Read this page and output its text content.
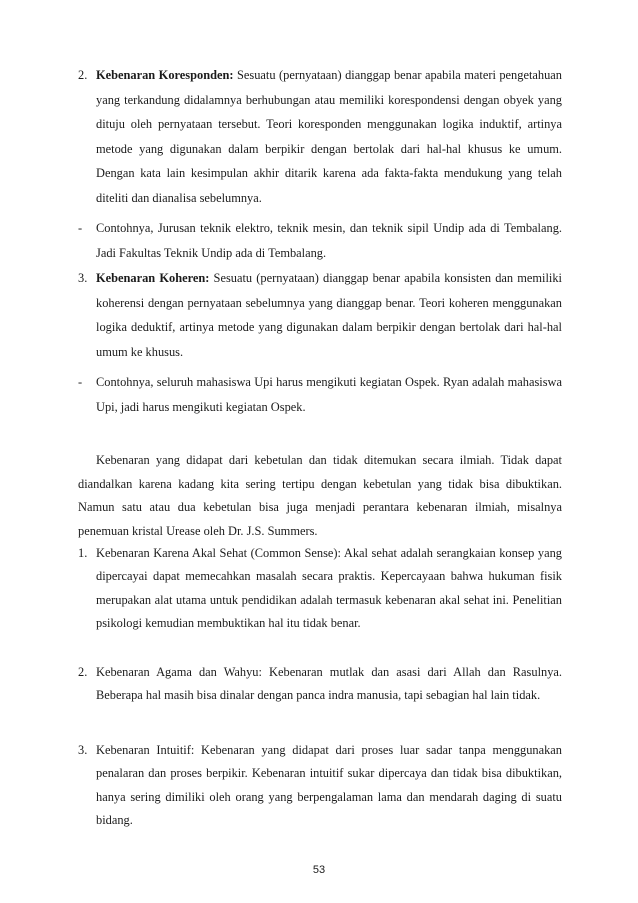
2. Kebenaran Koresponden: Sesuatu (pernyataan) dianggap benar apabila materi pengetahuan yang terkandung didalamnya berhubungan atau memiliki korespondensi dengan obyek yang dituju oleh pernyataan tersebut. Teori koresponden menggunakan logika induktif, artinya metode yang digunakan dalam berpikir dengan bertolak dari hal-hal khusus ke umum. Dengan kata lain kesimpulan akhir ditarik karena ada fakta-fakta mendukung yang telah diteliti dan dianalisa sebelumnya.
- Contohnya, Jurusan teknik elektro, teknik mesin, dan teknik sipil Undip ada di Tembalang. Jadi Fakultas Teknik Undip ada di Tembalang.
3. Kebenaran Koheren: Sesuatu (pernyataan) dianggap benar apabila konsisten dan memiliki koherensi dengan pernyataan sebelumnya yang dianggap benar. Teori koheren menggunakan logika deduktif, artinya metode yang digunakan dalam berpikir dengan bertolak dari hal-hal umum ke khusus.
- Contohnya, seluruh mahasiswa Upi harus mengikuti kegiatan Ospek. Ryan adalah mahasiswa Upi, jadi harus mengikuti kegiatan Ospek.
Kebenaran yang didapat dari kebetulan dan tidak ditemukan secara ilmiah. Tidak dapat diandalkan karena kadang kita sering tertipu dengan kebetulan yang tidak bisa dibuktikan. Namun satu atau dua kebetulan bisa juga menjadi perantara kebenaran ilmiah, misalnya penemuan kristal Urease oleh Dr. J.S. Summers.
1. Kebenaran Karena Akal Sehat (Common Sense): Akal sehat adalah serangkaian konsep yang dipercayai dapat memecahkan masalah secara praktis. Kepercayaan bahwa hukuman fisik merupakan alat utama untuk pendidikan adalah termasuk kebenaran akal sehat ini. Penelitian psikologi kemudian membuktikan hal itu tidak benar.
2. Kebenaran Agama dan Wahyu: Kebenaran mutlak dan asasi dari Allah dan Rasulnya. Beberapa hal masih bisa dinalar dengan panca indra manusia, tapi sebagian hal lain tidak.
3. Kebenaran Intuitif: Kebenaran yang didapat dari proses luar sadar tanpa menggunakan penalaran dan proses berpikir. Kebenaran intuitif sukar dipercaya dan tidak bisa dibuktikan, hanya sering dimiliki oleh orang yang berpengalaman lama dan mendarah daging di suatu bidang.
53
